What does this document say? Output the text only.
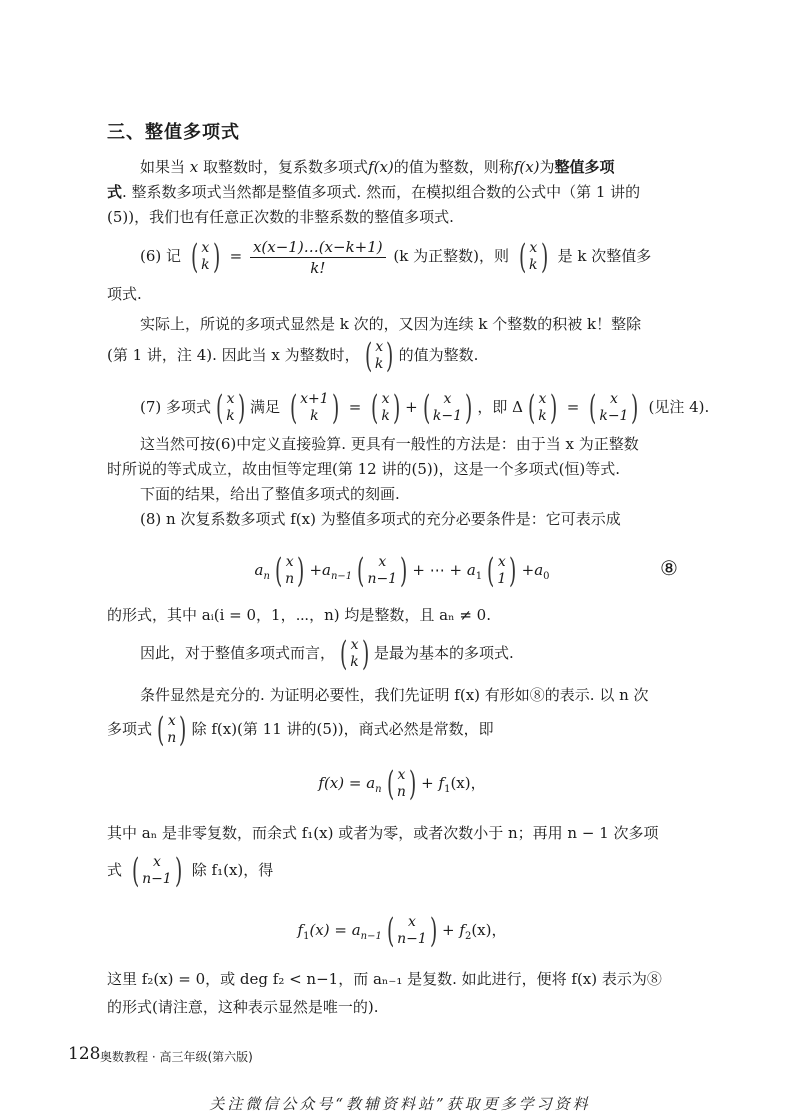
三、整值多项式
如果当 x 取整数时，复系数多项式f(x)的值为整数，则称f(x)为整值多项
式. 整系数多项式当然都是整值多项式. 然而，在模拟组合数的公式中（第 1 讲的
(5))，我们也有任意正次数的非整系数的整值多项式.
(6) 记 ( x
k ) = $\frac{x(x-1)\dots(x-k+1)}{k!} (k$ 为正整数)，则 ( x
k ) 是 k 次整值多
项式.
实际上，所说的多项式显然是 k 次的，又因为连续 k 个整数的积被 k！整除
(第 1 讲，注 4). 因此当 x 为整数时， ( x
k ) 的值为整数.
(7) 多项式 ( x
k ) 满足 ( x+1
k ) = ( x
k ) + ( x
k−1 ) ，即 Δ ( x
k ) = ( x
k−1 ) (见注 4).
这当然可按(6)中定义直接验算. 更具有一般性的方法是：由于当 x 为正整数
时所说的等式成立，故由恒等定理(第 12 讲的(5))，这是一个多项式(恒)等式.
下面的结果，给出了整值多项式的刻画.
(8) n 次复系数多项式 f(x) 为整值多项式的充分必要条件是：它可表示成
$a_n$ ( x
n ) $+a_{n-1}$ ( x
n−1 ) + ⋯ + $a_1$ ( x
1 ) $+a_0$	⑧
的形式，其中 aᵢ(i = 0，1，⋯，n) 均是整数，且 aₙ ≠ 0.
因此，对于整值多项式而言， ( x
k ) 是最为基本的多项式.
条件显然是充分的. 为证明必要性，我们先证明 f(x) 有形如⑧的表示. 以 n 次
多项式 ( x
n ) 除 f(x)(第 11 讲的(5))，商式必然是常数，即
$f(x) = a_n$ ( x
n ) + $f_1(x)$，
其中 aₙ 是非零复数，而余式 f₁(x) 或者为零，或者次数小于 n；再用 n − 1 次多项
式 ( x
n−1 ) 除 f₁(x)，得
$f_1(x) = a_{n-1}$ ( x
n−1 ) + $f_2(x)$，
这里 f₂(x) = 0，或 deg f₂ < n−1，而 aₙ₋₁ 是复数. 如此进行，便将 f(x) 表示为⑧
的形式(请注意，这种表示显然是唯一的).
128 奥数教程 · 高三年级(第六版)
关注微信公众号“教辅资料站”获取更多学习资料
